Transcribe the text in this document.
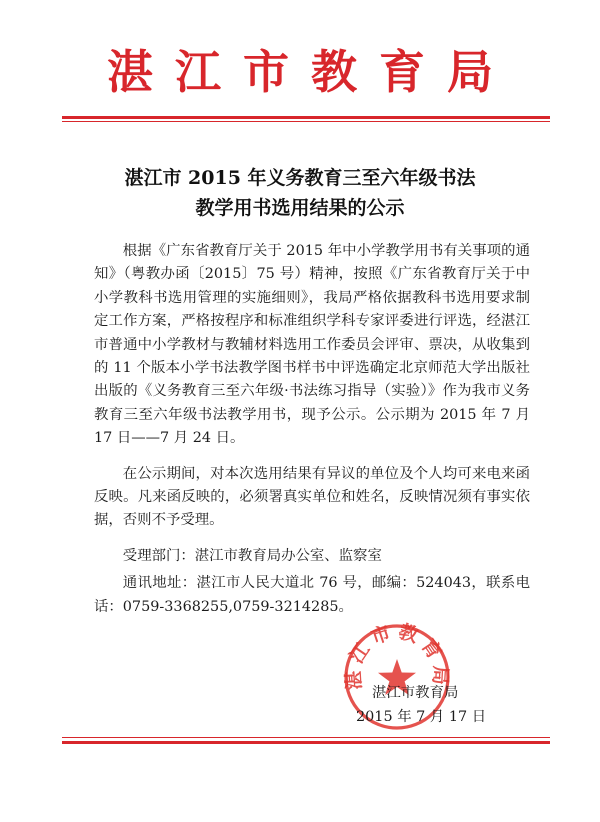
湛江市教育局
湛江市 2015 年义务教育三至六年级书法
教学用书选用结果的公示

根据《广东省教育厅关于 2015 年中小学教学用书有关事项的通知》（粤教办函〔2015〕75 号）精神，按照《广东省教育厅关于中小学教科书选用管理的实施细则》，我局严格依据教科书选用要求制定工作方案，严格按程序和标准组织学科专家评委进行评选，经湛江市普通中小学教材与教辅材料选用工作委员会评审、票决，从收集到的 11 个版本小学书法教学图书样书中评选确定北京师范大学出版社出版的《义务教育三至六年级·书法练习指导（实验）》作为我市义务教育三至六年级书法教学用书，现予公示。公示期为 2015 年 7 月 17 日——7 月 24 日。

在公示期间，对本次选用结果有异议的单位及个人均可来电来函反映。凡来函反映的，必须署真实单位和姓名，反映情况须有事实依据，否则不予受理。

受理部门：湛江市教育局办公室、监察室

通讯地址：湛江市人民大道北 76 号，邮编：524043，联系电话：0759-3368255,0759-3214285。

湛江市教育局
湛江市教育局
2015 年 7 月 17 日
